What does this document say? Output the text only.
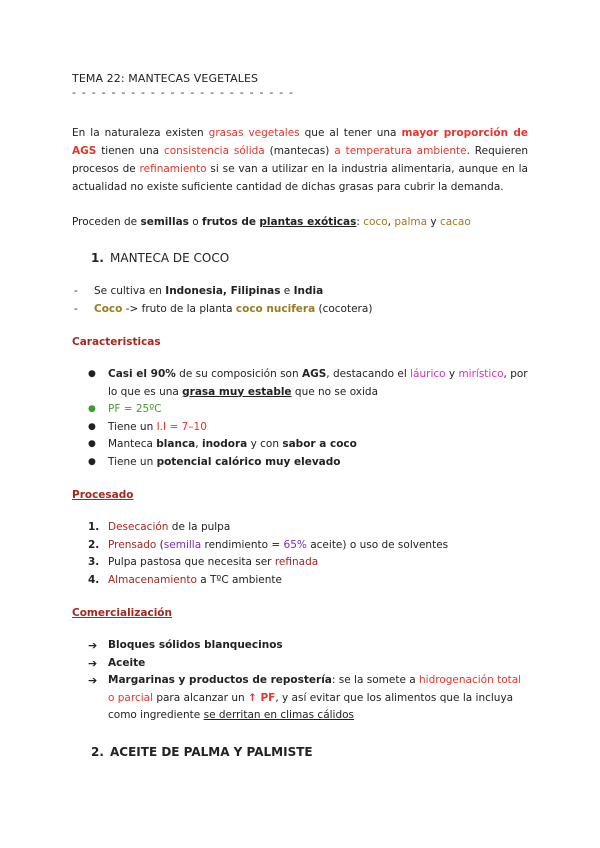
TEMA 22: MANTECAS VEGETALES
- - - - - - - - - - - - - - - - - - - - - - -

En la naturaleza existen grasas vegetales que al tener una mayor proporción de AGS tienen una consistencia sólida (mantecas) a temperatura ambiente. Requieren procesos de refinamiento si se van a utilizar en la industria alimentaria, aunque en la actualidad no existe suficiente cantidad de dichas grasas para cubrir la demanda.

Proceden de semillas o frutos de plantas exóticas: coco, palma y cacao

1. MANTECA DE COCO
-	Se cultiva en Indonesia, Filipinas e India
-	Coco -> fruto de la planta coco nucifera (cocotera)
Caracteristicas
●	Casi el 90% de su composición son AGS, destacando el láurico y mirístico, por lo que es una grasa muy estable que no se oxida
●	PF = 25ºC
●	Tiene un I.I = 7–10
●	Manteca blanca, inodora y con sabor a coco
●	Tiene un potencial calórico muy elevado
Procesado
1. Desecación de la pulpa
2. Prensado (semilla rendimiento = 65% aceite) o uso de solventes
3. Pulpa pastosa que necesita ser refinada
4. Almacenamiento a TºC ambiente
Comercialización
➔	Bloques sólidos blanquecinos
➔	Aceite
➔	Margarinas y productos de repostería: se la somete a hidrogenación total o parcial para alcanzar un ↑ PF, y así evitar que los alimentos que la incluya como ingrediente se derritan en climas cálidos
2. ACEITE DE PALMA Y PALMISTE
